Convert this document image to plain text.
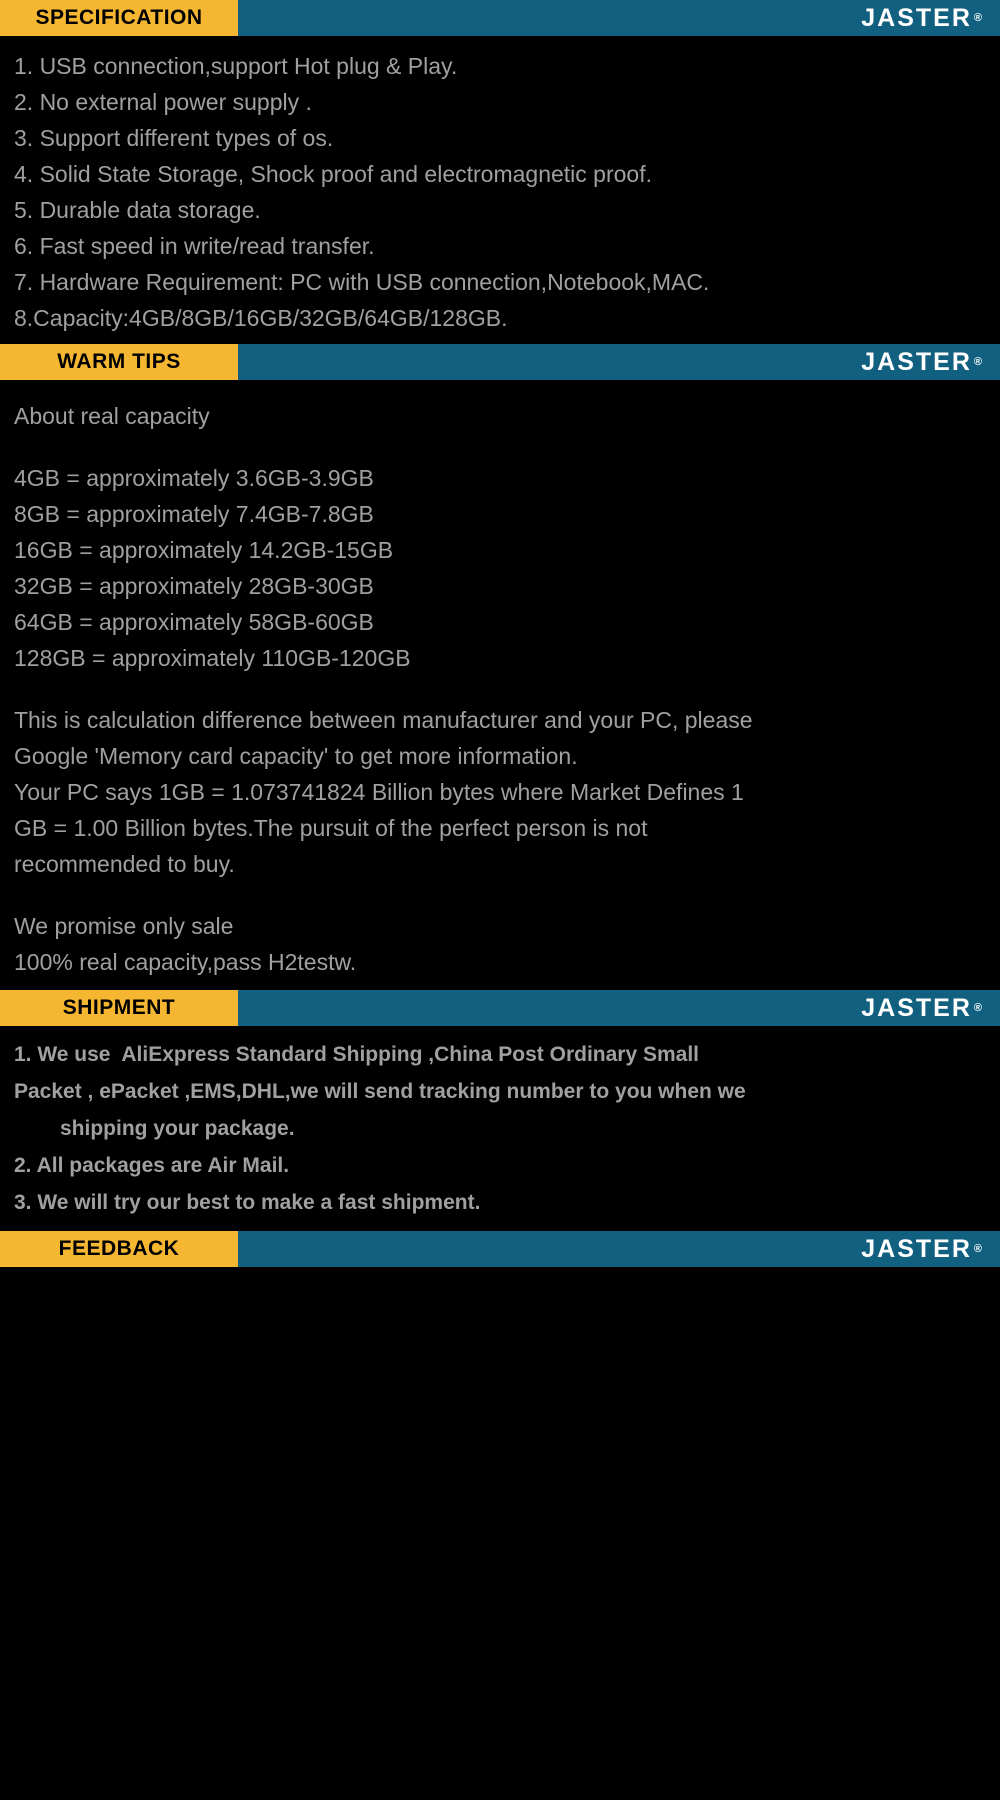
SPECIFICATION	JASTER ®
1. USB connection,support Hot plug & Play.
2. No external power supply .
3. Support different types of os.
4. Solid State Storage, Shock proof and electromagnetic proof.
5. Durable data storage.
6. Fast speed in write/read transfer.
7. Hardware Requirement: PC with USB connection,Notebook,MAC.
8.Capacity:4GB/8GB/16GB/32GB/64GB/128GB.
WARM TIPS	JASTER ®
About real capacity
4GB = approximately 3.6GB-3.9GB
8GB = approximately 7.4GB-7.8GB
16GB = approximately 14.2GB-15GB
32GB = approximately 28GB-30GB
64GB = approximately 58GB-60GB
128GB = approximately 110GB-120GB
This is calculation difference between manufacturer and your PC, please
Google 'Memory card capacity' to get more information.
Your PC says 1GB = 1.073741824 Billion bytes where Market Defines 1
GB = 1.00 Billion bytes.The pursuit of the perfect person is not
recommended to buy.
We promise only sale
100% real capacity,pass H2testw.
SHIPMENT	JASTER ®
1. We use  AliExpress Standard Shipping ,China Post Ordinary Small
Packet , ePacket ,EMS,DHL,we will send tracking number to you when we
shipping your package.
2. All packages are Air Mail.
3. We will try our best to make a fast shipment.
FEEDBACK	JASTER ®
